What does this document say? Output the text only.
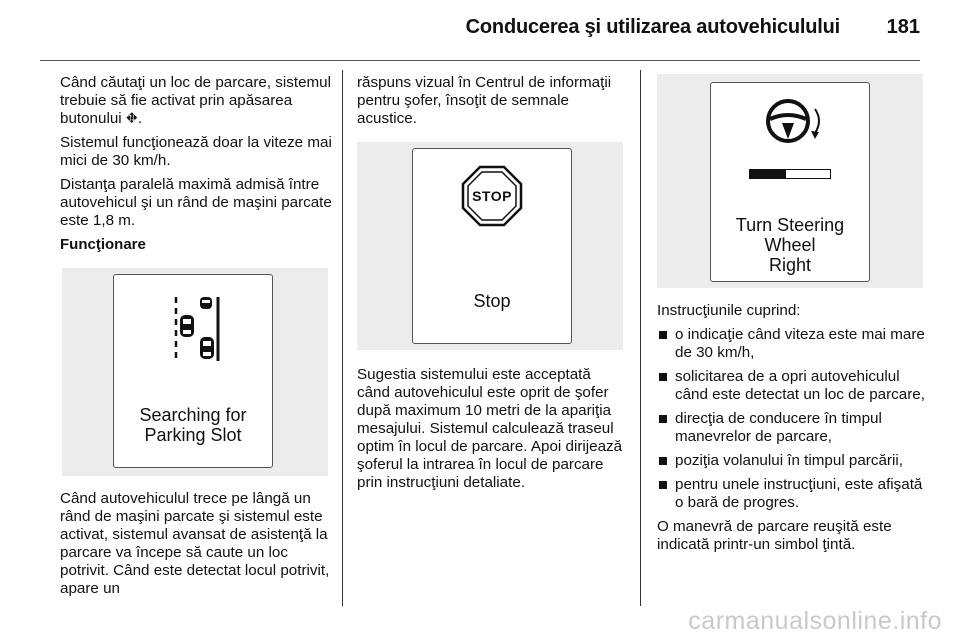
Conducerea şi utilizarea autovehiculului 181

Când căutaţi un loc de parcare, sistemul trebuie să fie activat prin apăsarea butonului ⛖.

Sistemul funcţionează doar la viteze mai mici de 30 km/h.

Distanţa paralelă maximă admisă între autovehicul şi un rând de maşini parcate este 1,8 m.

Funcţionare

Searching for
Parking Slot

Când autovehiculul trece pe lângă un rând de maşini parcate şi sistemul este activat, sistemul avansat de asistenţă la parcare va începe să caute un loc potrivit. Când este detectat locul potrivit, apare un

răspuns vizual în Centrul de informaţii pentru şofer, însoţit de semnale acustice.

STOP
Stop

Sugestia sistemului este acceptată când autovehiculul este oprit de şofer după maximum 10 metri de la apariţia mesajului. Sistemul calculează traseul optim în locul de parcare. Apoi dirijează şoferul la intrarea în locul de parcare prin instrucţiuni detaliate.

Turn Steering
Wheel
Right

Instrucţiunile cuprind:

o indicaţie când viteza este mai mare de 30 km/h,
solicitarea de a opri autovehiculul când este detectat un loc de parcare,
direcţia de conducere în timpul manevrelor de parcare,
poziţia volanului în timpul parcării,
pentru unele instrucţiuni, este afişată o bară de progres.

O manevră de parcare reuşită este indicată printr-un simbol ţintă.

carmanualsonline.info
